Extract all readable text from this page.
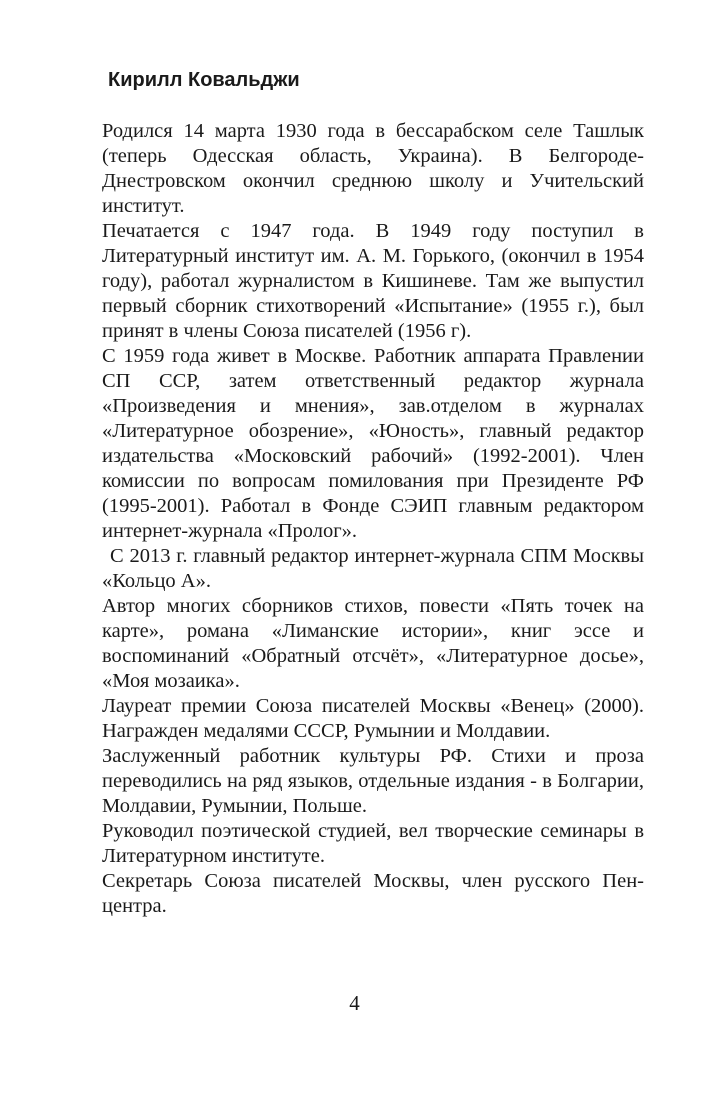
Кирилл Ковальджи

Родился 14 марта 1930 года в бессарабском селе Ташлык (теперь Одесская область, Украина). В Белгороде-Днестровском окончил среднюю школу и Учительский институт.

Печатается с 1947 года. В 1949 году поступил в Литературный институт им. А. М. Горького, (окончил в 1954 году), работал журналистом в Кишиневе. Там же выпустил первый сборник стихотворений «Испытание» (1955 г.), был принят в члены Союза писателей (1956 г).

С 1959 года живет в Москве. Работник аппарата Правлении СП ССР, затем ответственный редактор журнала «Произведения и мнения», зав.отделом в журналах «Литературное обозрение», «Юность», главный редактор издательства «Московский рабочий» (1992-2001). Член комиссии по вопросам помилования при Президенте РФ (1995-2001). Работал в Фонде СЭИП главным редактором интернет-журнала «Пролог».

С 2013 г. главный редактор интернет-журнала СПМ Москвы «Кольцо А».

Автор многих сборников стихов, повести «Пять точек на карте», романа «Лиманские истории», книг эссе и воспоминаний «Обратный отсчёт», «Литературное досье», «Моя мозаика».

Лауреат премии Союза писателей Москвы «Венец» (2000). Награжден медалями СССР, Румынии и Молдавии.

Заслуженный работник культуры РФ. Стихи и проза переводились на ряд языков, отдельные издания - в Болгарии, Молдавии, Румынии, Польше.

Руководил поэтической студией, вел творческие семинары в Литературном институте.

Секретарь Союза писателей Москвы, член русского Пен-центра.

4
